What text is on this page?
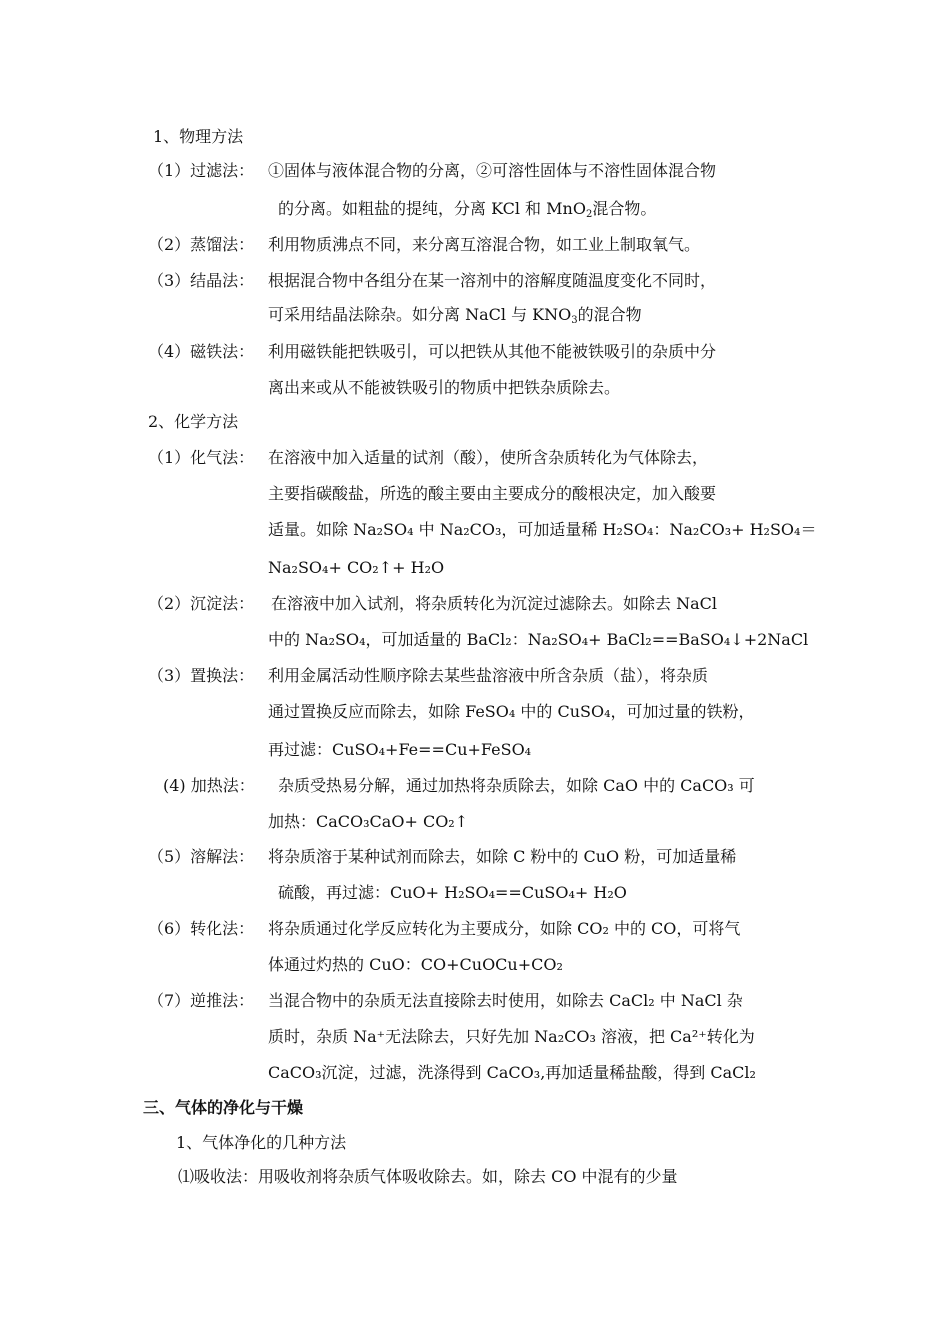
1、物理方法
（1）过滤法： ①固体与液体混合物的分离，②可溶性固体与不溶性固体混合物
的分离。如粗盐的提纯，分离 KCl 和 MnO$_2$混合物。
（2）蒸馏法： 利用物质沸点不同，来分离互溶混合物，如工业上制取氧气。
（3）结晶法： 根据混合物中各组分在某一溶剂中的溶解度随温度变化不同时，
可采用结晶法除杂。如分离 NaCl 与 $KNO_3$的混合物
（4）磁铁法： 利用磁铁能把铁吸引，可以把铁从其他不能被铁吸引的杂质中分
离出来或从不能被铁吸引的物质中把铁杂质除去。
2、化学方法
（1）化气法： 在溶液中加入适量的试剂（酸），使所含杂质转化为气体除去，
主要指碳酸盐，所选的酸主要由主要成分的酸根决定，加入酸要
适量。如除 Na₂SO₄ 中 Na₂CO₃，可加适量稀 H₂SO₄：Na₂CO₃+ H₂SO₄＝
Na₂SO₄+ CO₂↑+ H₂O
（2）沉淀法： 在溶液中加入试剂，将杂质转化为沉淀过滤除去。如除去 NaCl
中的 Na₂SO₄，可加适量的 BaCl₂：Na₂SO₄+ BaCl₂==BaSO₄↓+2NaCl
（3）置换法： 利用金属活动性顺序除去某些盐溶液中所含杂质（盐），将杂质
通过置换反应而除去，如除 FeSO₄ 中的 CuSO₄，可加过量的铁粉，
再过滤：CuSO₄+Fe==Cu+FeSO₄
(4) 加热法： 杂质受热易分解，通过加热将杂质除去，如除 CaO 中的 CaCO₃ 可
加热：CaCO₃CaO+ CO₂↑
（5）溶解法： 将杂质溶于某种试剂而除去，如除 C 粉中的 CuO 粉，可加适量稀
硫酸，再过滤：CuO+ H₂SO₄==CuSO₄+ H₂O
（6）转化法： 将杂质通过化学反应转化为主要成分，如除 CO₂ 中的 CO，可将气
体通过灼热的 CuO：CO+CuOCu+CO₂
（7）逆推法： 当混合物中的杂质无法直接除去时使用，如除去 CaCl₂ 中 NaCl 杂
质时，杂质 Na⁺无法除去，只好先加 Na₂CO₃ 溶液，把 Ca²⁺转化为
CaCO₃沉淀，过滤，洗涤得到 CaCO₃,再加适量稀盐酸，得到 CaCl₂
三、气体的净化与干燥
1、气体净化的几种方法
⑴吸收法： 用吸收剂将杂质气体吸收除去。如，除去 CO 中混有的少量
